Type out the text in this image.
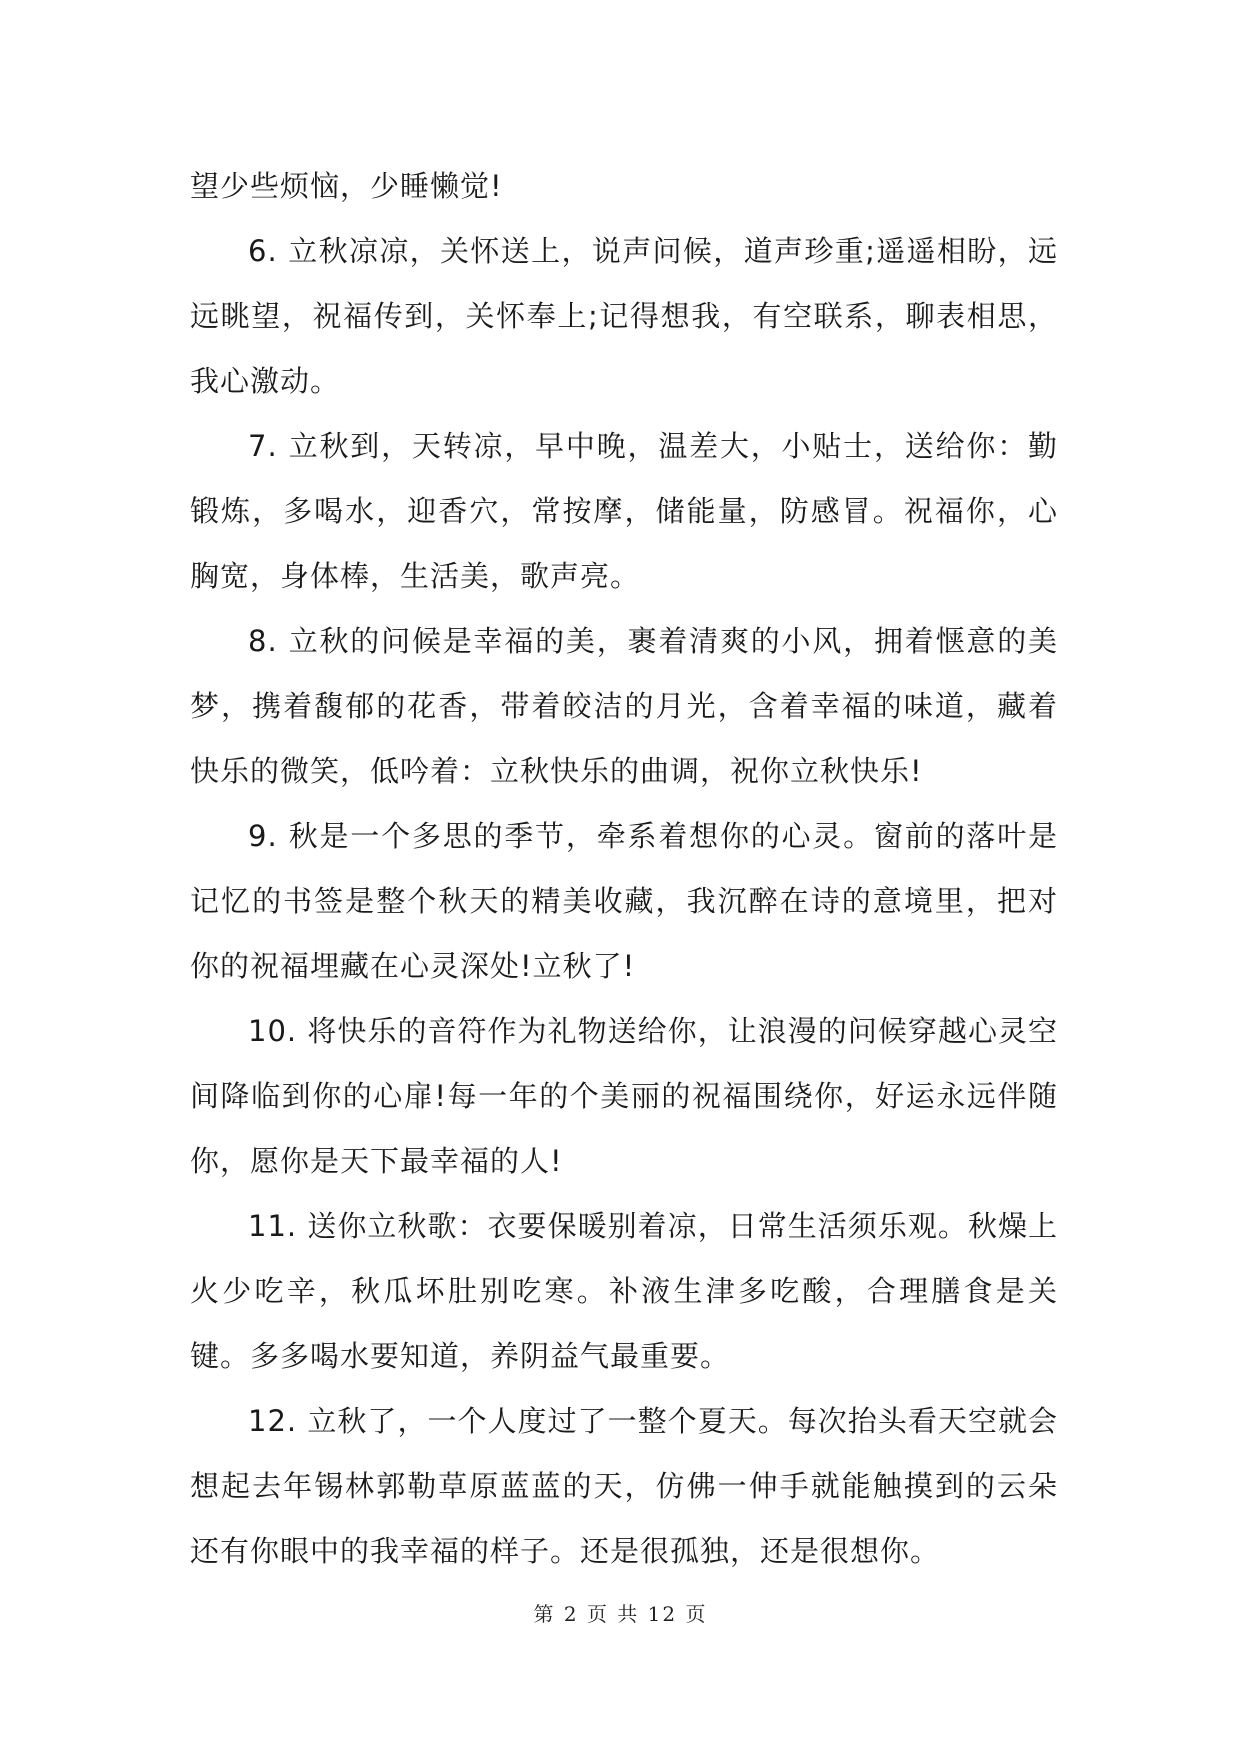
望少些烦恼，少睡懒觉!

6. 立秋凉凉，关怀送上，说声问候，道声珍重;遥遥相盼，远远眺望，祝福传到，关怀奉上;记得想我，有空联系，聊表相思，我心激动。

7. 立秋到，天转凉，早中晚，温差大，小贴士，送给你：勤锻炼，多喝水，迎香穴，常按摩，储能量，防感冒。祝福你，心胸宽，身体棒，生活美，歌声亮。

8. 立秋的问候是幸福的美，裹着清爽的小风，拥着惬意的美梦，携着馥郁的花香，带着皎洁的月光，含着幸福的味道，藏着快乐的微笑，低吟着：立秋快乐的曲调，祝你立秋快乐!

9. 秋是一个多思的季节，牵系着想你的心灵。窗前的落叶是记忆的书签是整个秋天的精美收藏，我沉醉在诗的意境里，把对你的祝福埋藏在心灵深处!立秋了!

10. 将快乐的音符作为礼物送给你，让浪漫的问候穿越心灵空间降临到你的心扉!每一年的个美丽的祝福围绕你，好运永远伴随你，愿你是天下最幸福的人!

11. 送你立秋歌：衣要保暖别着凉，日常生活须乐观。秋燥上火少吃辛，秋瓜坏肚别吃寒。补液生津多吃酸，合理膳食是关键。多多喝水要知道，养阴益气最重要。

12. 立秋了，一个人度过了一整个夏天。每次抬头看天空就会想起去年锡林郭勒草原蓝蓝的天，仿佛一伸手就能触摸到的云朵还有你眼中的我幸福的样子。还是很孤独，还是很想你。

第 2 页 共 12 页
